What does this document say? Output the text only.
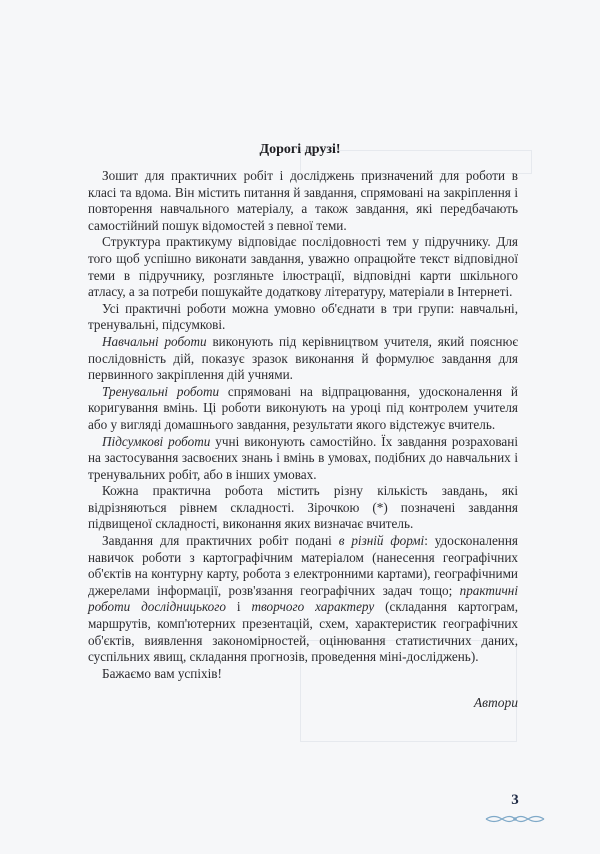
Дорогі друзі!

Зошит для практичних робіт і досліджень призначений для роботи в класі та вдома. Він містить питання й завдання, спрямовані на закріплення і повторення навчального матеріалу, а також завдання, які передбачають самостійний пошук відомостей з певної теми.

Структура практикуму відповідає послідовності тем у підручнику. Для того щоб успішно виконати завдання, уважно опрацюйте текст відповідної теми в підручнику, розгляньте ілюстрації, відповідні карти шкільного атласу, а за потреби пошукайте додаткову літературу, матеріали в Інтернеті.

Усі практичні роботи можна умовно об'єднати в три групи: навчальні, тренувальні, підсумкові.

Навчальні роботи виконують під керівництвом учителя, який пояснює послідовність дій, показує зразок виконання й формулює завдання для первинного закріплення дій учнями.

Тренувальні роботи спрямовані на відпрацювання, удосконалення й коригування вмінь. Ці роботи виконують на уроці під контролем учителя або у вигляді домашнього завдання, результати якого відстежує вчитель.

Підсумкові роботи учні виконують самостійно. Їх завдання розраховані на застосування засвоєних знань і вмінь в умовах, подібних до навчальних і тренувальних робіт, або в інших умовах.

Кожна практична робота містить різну кількість завдань, які відрізняються рівнем складності. Зірочкою (*) позначені завдання підвищеної складності, виконання яких визначає вчитель.

Завдання для практичних робіт подані в різній формі: удосконалення навичок роботи з картографічним матеріалом (нанесення географічних об'єктів на контурну карту, робота з електронними картами), географічними джерелами інформації, розв'язання географічних задач тощо; практичні роботи дослідницького і творчого характеру (складання картограм, маршрутів, комп'ютерних презентацій, схем, характеристик географічних об'єктів, виявлення закономірностей, оцінювання статистичних даних, суспільних явищ, складання прогнозів, проведення міні-досліджень).

Бажаємо вам успіхів!

Автори
3
